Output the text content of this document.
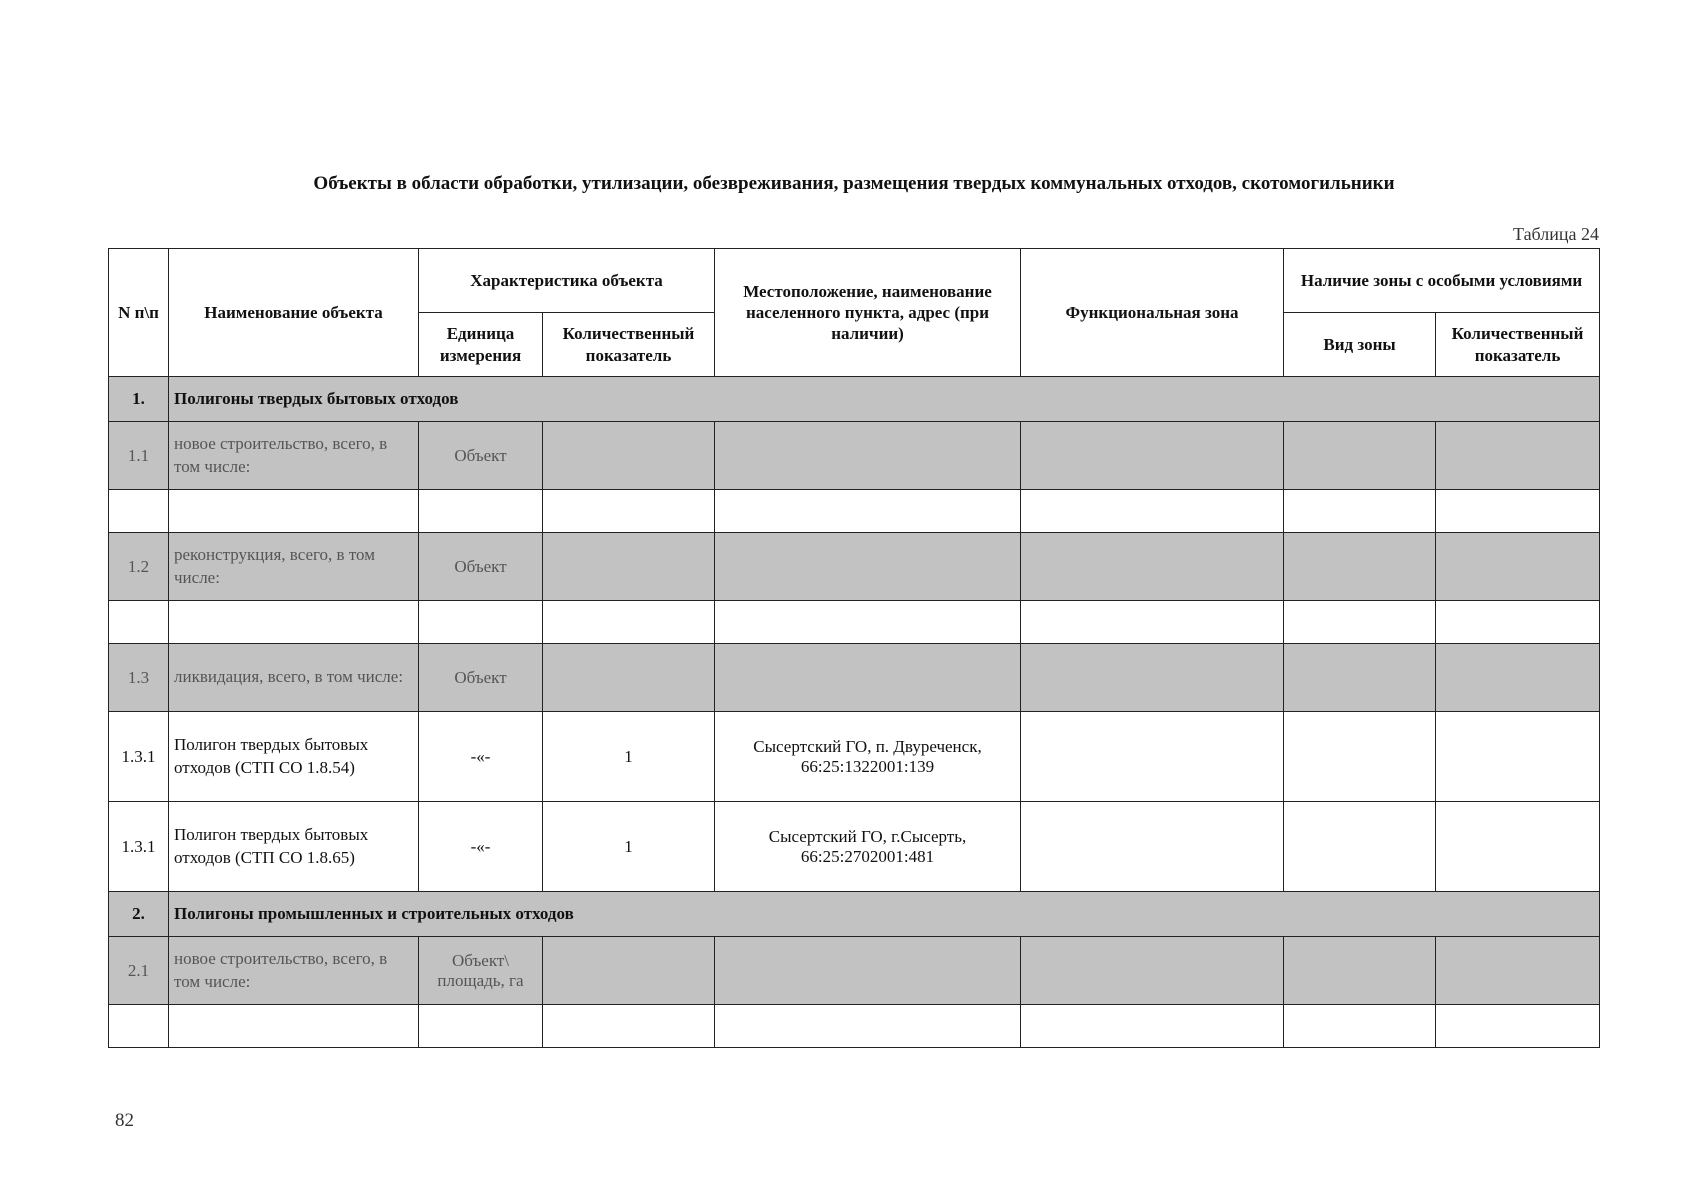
Объекты в области обработки, утилизации, обезвреживания, размещения твердых коммунальных отходов, скотомогильники
Таблица 24
N п\п	Наименование объекта	Характеристика объекта		Местоположение, наименование населенного пункта, адрес (при наличии)	Функциональная зона	Наличие зоны с особыми условиями	
		Единица измерения	Количественный показатель			Вид зоны	Количественный показатель
1.	Полигоны твердых бытовых отходов						
1.1	новое строительство, всего, в том числе:	Объект					

1.2	реконструкция, всего, в том числе:	Объект					

1.3	ликвидация, всего, в том числе:	Объект					
1.3.1	Полигон твердых бытовых отходов (СТП СО 1.8.54)	-«-	1	Сысертский ГО, п. Двуреченск, 66:25:1322001:139			
1.3.1	Полигон твердых бытовых отходов (СТП СО 1.8.65)	-«-	1	Сысертский ГО, г.Сысерть, 66:25:2702001:481			
2.	Полигоны промышленных и строительных отходов						
2.1	новое строительство, всего, в том числе:	Объект\ площадь, га					

82
